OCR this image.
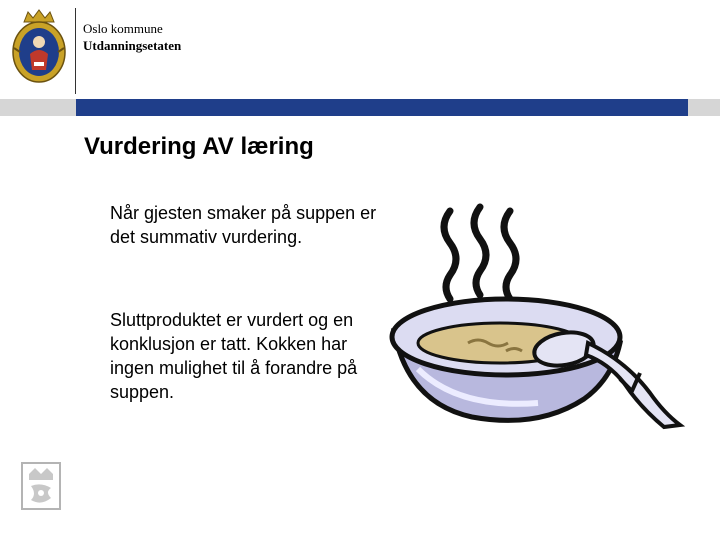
Oslo kommune
Utdanningsetaten
Vurdering AV læring

Når gjesten smaker på suppen er det summativ vurdering.

Sluttproduktet er vurdert og en konklusjon er tatt. Kokken har ingen mulighet til å forandre på suppen.
